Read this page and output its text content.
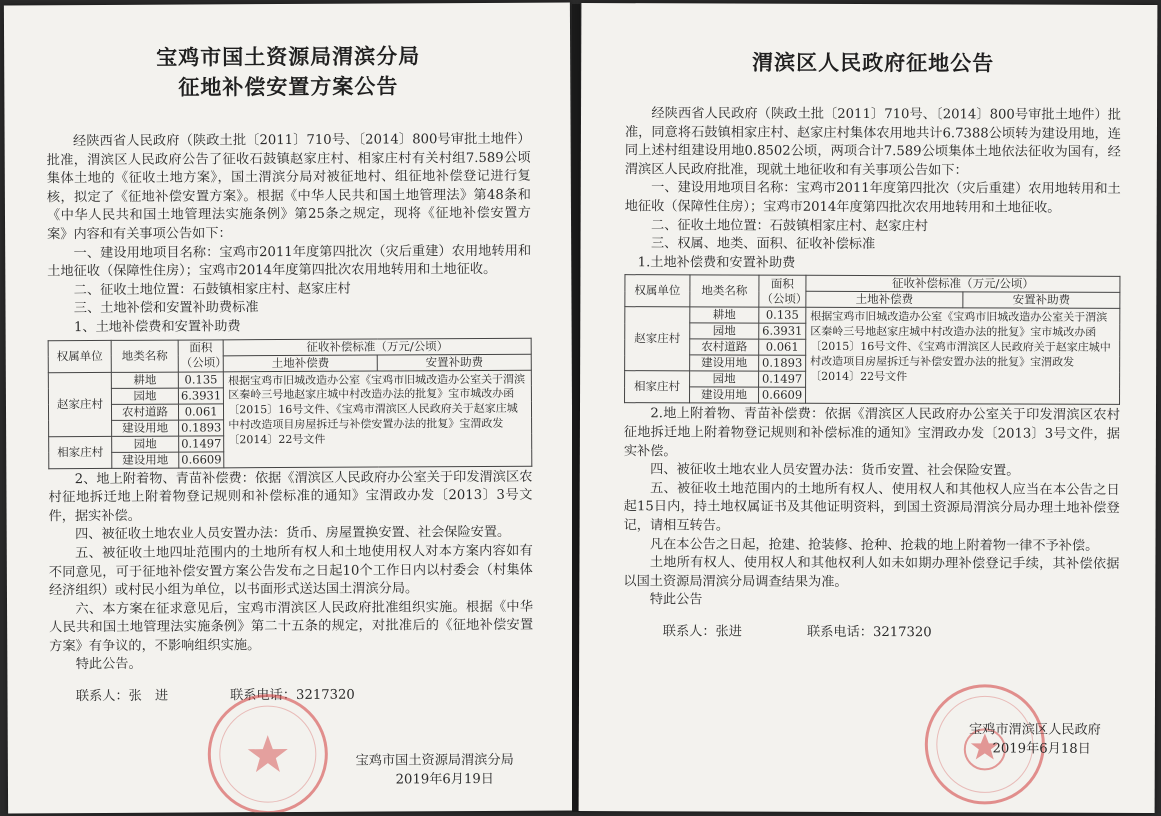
宝鸡市国土资源局渭滨分局
征地补偿安置方案公告

经陕西省人民政府（陕政土批〔2011〕710号、〔2014〕800号审批土地件）批准，渭滨区人民政府公告了征收石鼓镇赵家庄村、相家庄村有关村组7.589公顷集体土地的《征收土地方案》，国土渭滨分局对被征地村、组征地补偿登记进行复核，拟定了《征地补偿安置方案》。根据《中华人民共和国土地管理法》第48条和《中华人民共和国土地管理法实施条例》第25条之规定，现将《征地补偿安置方案》内容和有关事项公告如下：

一、建设用地项目名称：宝鸡市2011年度第四批次（灾后重建）农用地转用和土地征收（保障性住房）；宝鸡市2014年度第四批次农用地转用和土地征收。

二、征收土地位置：石鼓镇相家庄村、赵家庄村

三、土地补偿和安置补助费标准

1、土地补偿费和安置补助费

权属单位	地类名称	面积（公顷）	征收补偿标准（万元/公顷）	
			土地补偿费	安置补助费
赵家庄村	耕地	0.135	根据宝鸡市旧城改造办公室《宝鸡市旧城改造办公室关于渭滨区秦岭三号地赵家庄城中村改造办法的批复》宝市城改办函〔2015〕16号文件、《宝鸡市渭滨区人民政府关于赵家庄城中村改造项目房屋拆迁与补偿安置办法的批复》宝渭政发〔2014〕22号文件	
	园地	6.3931		
	农村道路	0.061		
	建设用地	0.1893		
相家庄村	园地	0.1497		
	建设用地	0.6609		

2、地上附着物、青苗补偿费：依据《渭滨区人民政府办公室关于印发渭滨区农村征地拆迁地上附着物登记规则和补偿标准的通知》宝渭政办发〔2013〕3号文件，据实补偿。

四、被征收土地农业人员安置办法：货币、房屋置换安置、社会保险安置。

五、被征收土地四址范围内的土地所有权人和土地使用权人对本方案内容如有不同意见，可于征地补偿安置方案公告发布之日起10个工作日内以村委会（村集体经济组织）或村民小组为单位，以书面形式送达国土渭滨分局。

六、本方案在征求意见后，宝鸡市渭滨区人民政府批准组织实施。根据《中华人民共和国土地管理法实施条例》第二十五条的规定，对批准后的《征地补偿安置方案》有争议的，不影响组织实施。

特此公告。

联系人：张　进	联系电话：3217320
宝鸡市国土资源局渭滨分局
2019年6月19日
渭滨区人民政府征地公告

经陕西省人民政府（陕政土批〔2011〕710号、〔2014〕800号审批土地件）批准，同意将石鼓镇相家庄村、赵家庄村集体农用地共计6.7388公顷转为建设用地，连同上述村组建设用地0.8502公顷，两项合计7.589公顷集体土地依法征收为国有，经渭滨区人民政府批准，现就土地征收和有关事项公告如下：

一、建设用地项目名称：宝鸡市2011年度第四批次（灾后重建）农用地转用和土地征收（保障性住房）；宝鸡市2014年度第四批次农用地转用和土地征收。

二、征收土地位置：石鼓镇相家庄村、赵家庄村

三、权属、地类、面积、征收补偿标准

1.土地补偿费和安置补助费

权属单位	地类名称	面积（公顷）	征收补偿标准（万元/公顷）	
			土地补偿费	安置补助费
赵家庄村	耕地	0.135	根据宝鸡市旧城改造办公室《宝鸡市旧城改造办公室关于渭滨区秦岭三号地赵家庄城中村改造办法的批复》宝市城改办函〔2015〕16号文件、《宝鸡市渭滨区人民政府关于赵家庄城中村改造项目房屋拆迁与补偿安置办法的批复》宝渭政发〔2014〕22号文件	
	园地	6.3931		
	农村道路	0.061		
	建设用地	0.1893		
相家庄村	园地	0.1497		
	建设用地	0.6609		

2.地上附着物、青苗补偿费：依据《渭滨区人民政府办公室关于印发渭滨区农村征地拆迁地上附着物登记规则和补偿标准的通知》宝渭政办发〔2013〕3号文件，据实补偿。

四、被征收土地农业人员安置办法：货币安置、社会保险安置。

五、被征收土地范围内的土地所有权人、使用权人和其他权人应当在本公告之日起15日内，持土地权属证书及其他证明资料，到国土资源局渭滨分局办理土地补偿登记，请相互转告。

凡在本公告之日起，抢建、抢装修、抢种、抢栽的地上附着物一律不予补偿。

土地所有权人、使用权人和其他权利人如未如期办理补偿登记手续，其补偿依据以国土资源局渭滨分局调查结果为准。

特此公告

联系人：张进	联系电话：3217320
宝鸡市渭滨区人民政府
2019年6月18日
